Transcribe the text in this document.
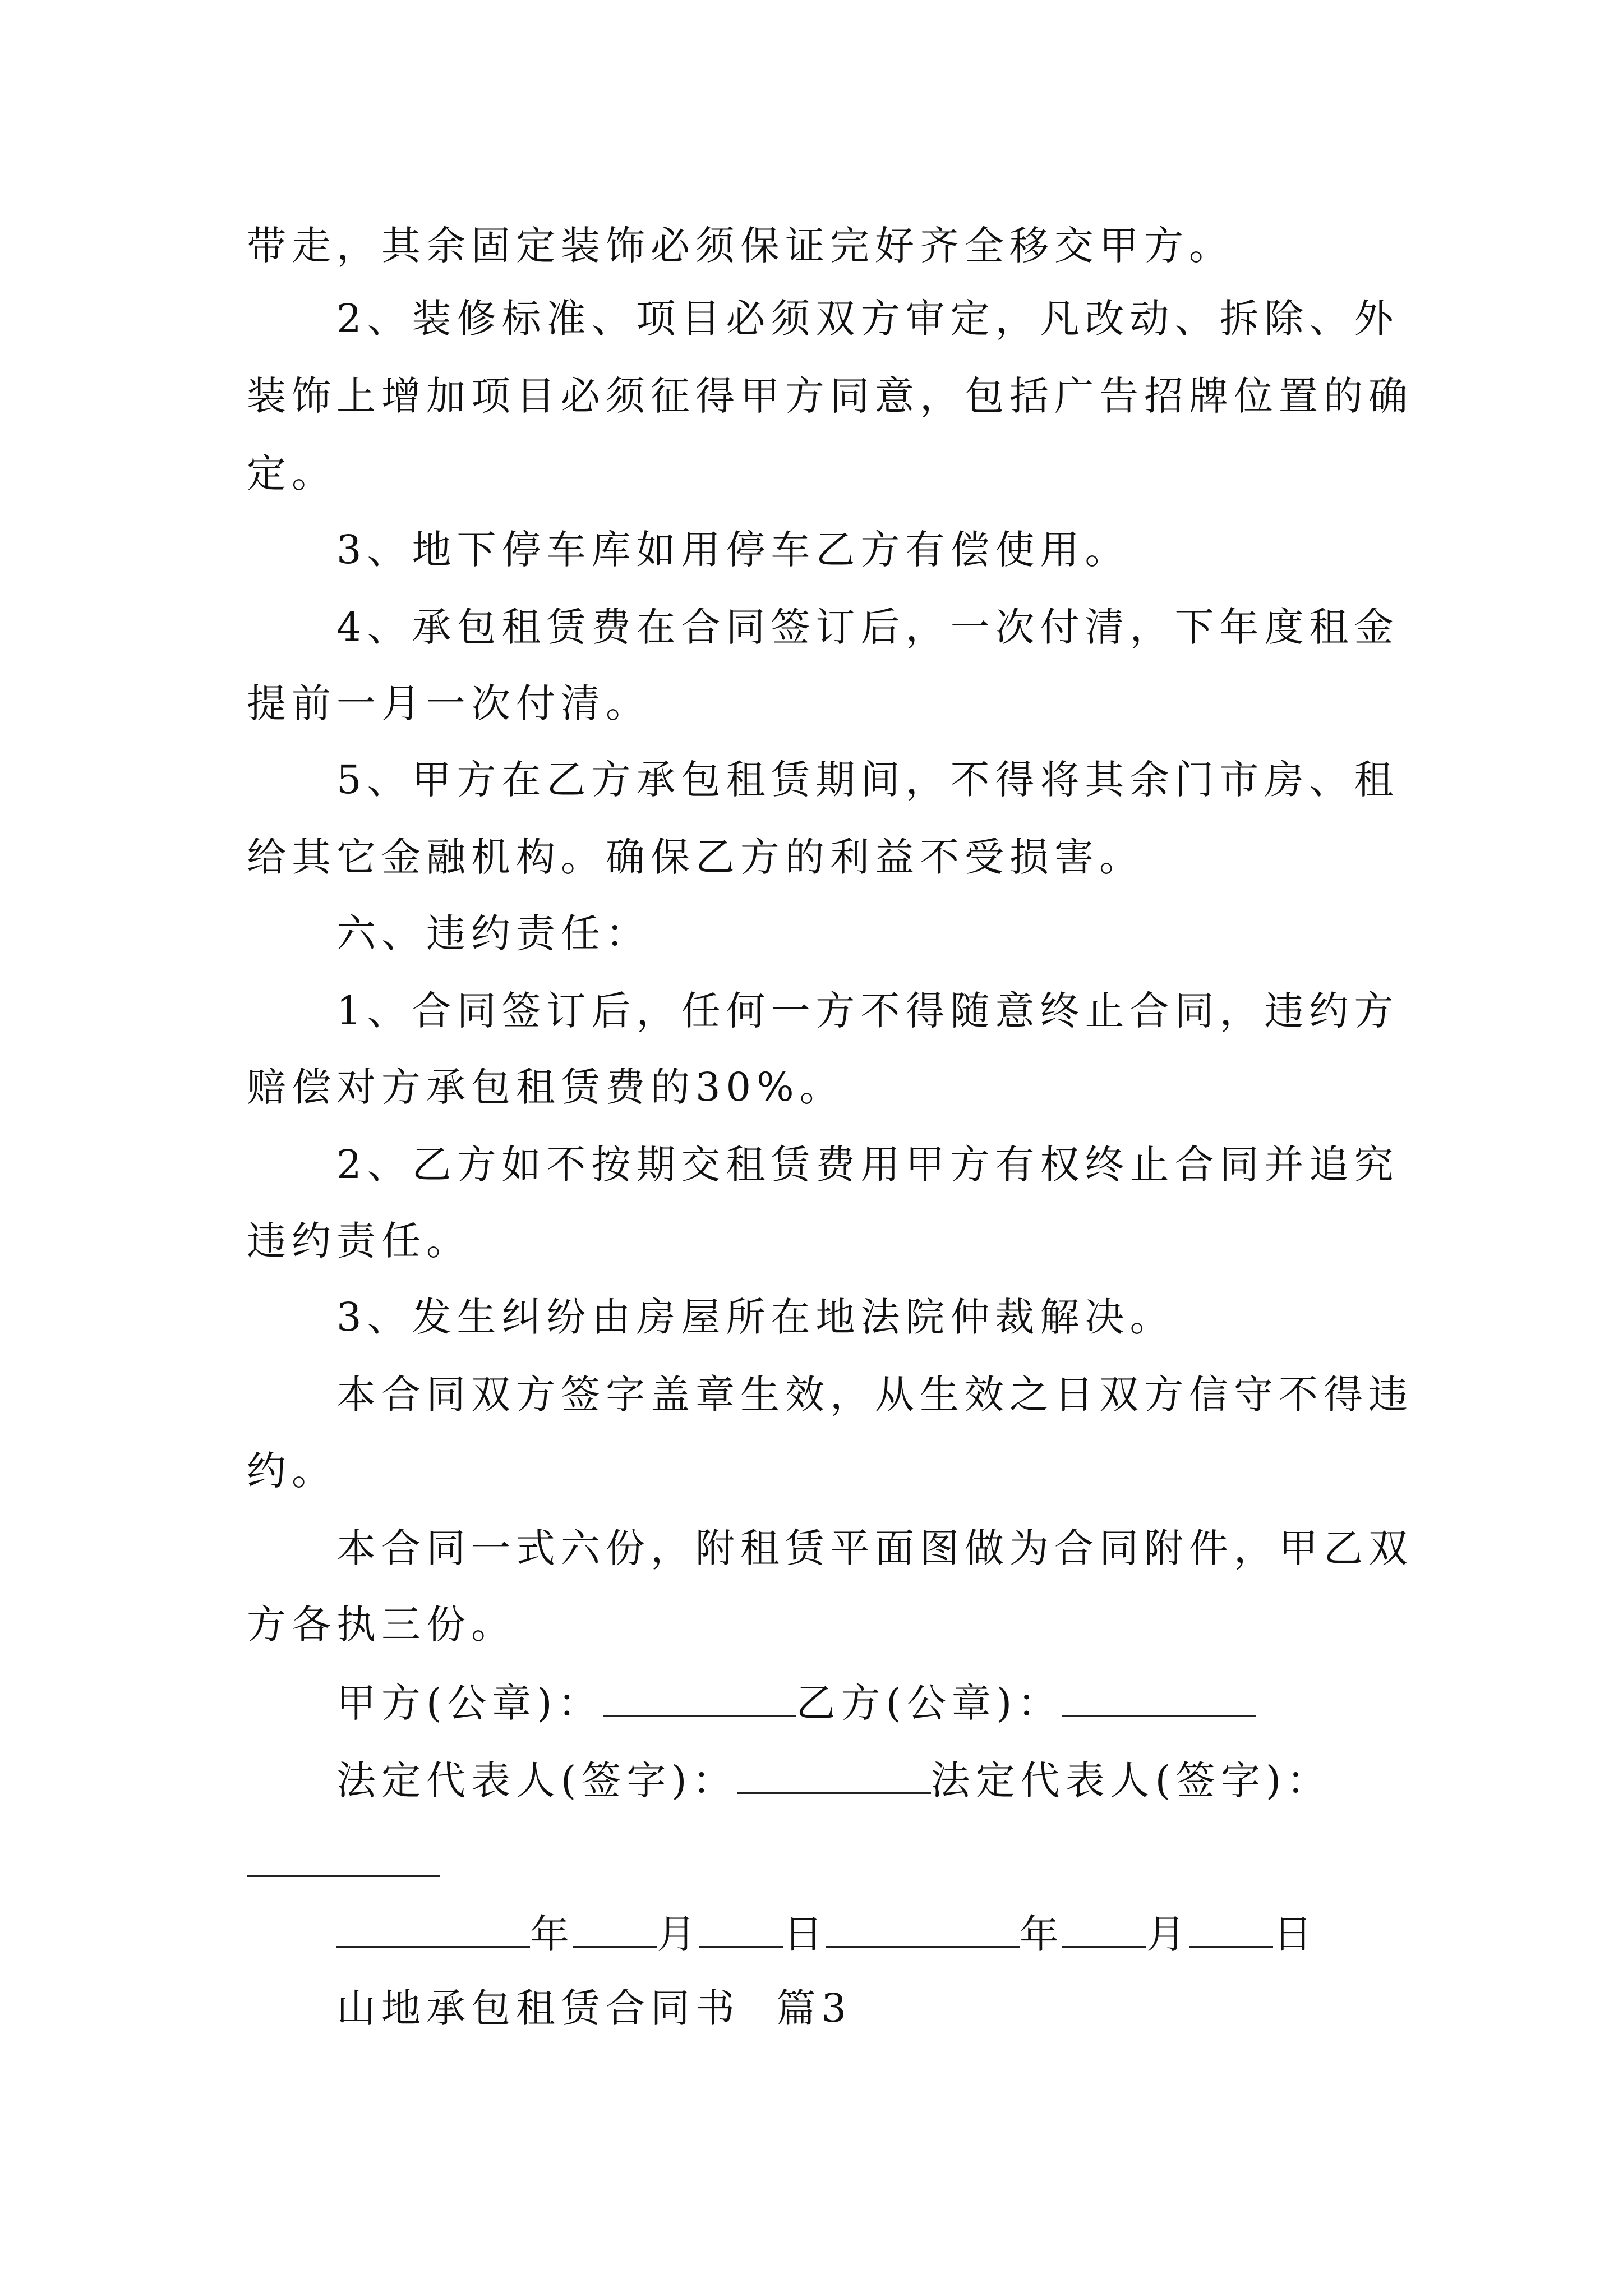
带走，其余固定装饰必须保证完好齐全移交甲方。
2、装修标准、项目必须双方审定，凡改动、拆除、外
装饰上增加项目必须征得甲方同意，包括广告招牌位置的确
定。
3、地下停车库如用停车乙方有偿使用。
4、承包租赁费在合同签订后，一次付清，下年度租金
提前一月一次付清。
5、甲方在乙方承包租赁期间，不得将其余门市房、租
给其它金融机构。确保乙方的利益不受损害。
六、违约责任：
1、合同签订后，任何一方不得随意终止合同，违约方
赔偿对方承包租赁费的30%。
2、乙方如不按期交租赁费用甲方有权终止合同并追究
违约责任。
3、发生纠纷由房屋所在地法院仲裁解决。
本合同双方签字盖章生效，从生效之日双方信守不得违
约。
本合同一式六份，附租赁平面图做为合同附件，甲乙双
方各执三份。
甲方(公章)：	乙方(公章)：
法定代表人(签字)：	法定代表人(签字)：
年 月 日	年 月 日
山地承包租赁合同书  篇3
